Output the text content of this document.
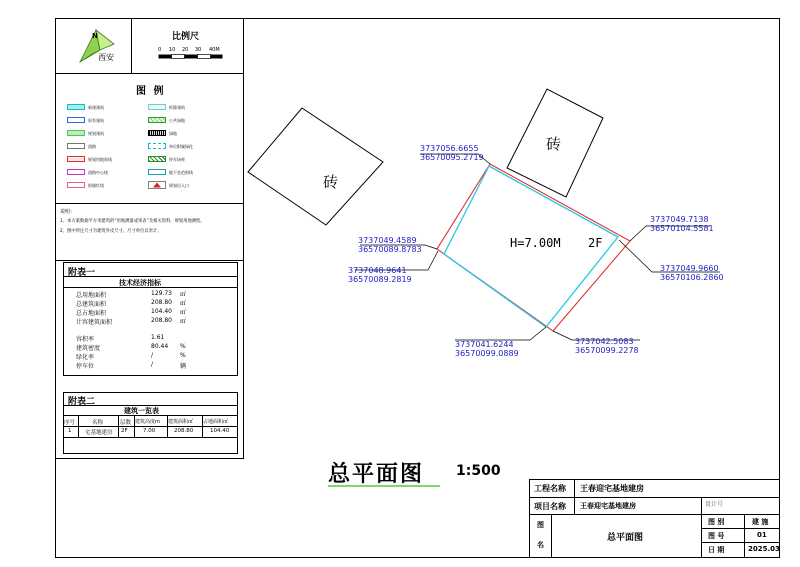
N
西安
比例尺
0 10 20 30 40M
图 例
新建建筑	拆除建筑
原有建筑	公共绿地
规划建筑	绿地
道路	单位附属绿化
规划用地界线	停车场库
道路中心线	地下室范围线
围墙红线	规划出入口
说明：
1、本方案数据平方米建筑的“用地测量成果表”及相关资料，规划用地测绘。
2、图中所注尺寸为建筑外皮尺寸，尺寸单位以米计。
附表一
技术经济指标
总用地面积	129.73 ㎡
总建筑面积	208.80 ㎡
总占地面积	104.40 ㎡
计容建筑面积	208.80 ㎡
容积率	1.61
建筑密度	80.44 %
绿化率	/	%
停车位	/	辆
附表二
建筑一览表
序号	名称	层数 建筑高度m 建筑面积㎡ 占地面积㎡
1 宅基地建房 2F	7.00	208.80	104.40
砖
砖
H=7.00M 2F
3737056.6655
36570095.2719
3737049.7138
36570104.5581
3737049.4589
36570089.8783
3737048.9641
36570089.2819
3737049.9660
36570106.2860
3737041.6244
36570099.0889
3737042.5083
36570099.2278
总平面图 1:500
工程名称 王春迎宅基地建房
项目名称 王春迎宅基地建房	设计号
图
名
总平面图
图 别	建 施
图 号	01
日 期	2025.03
